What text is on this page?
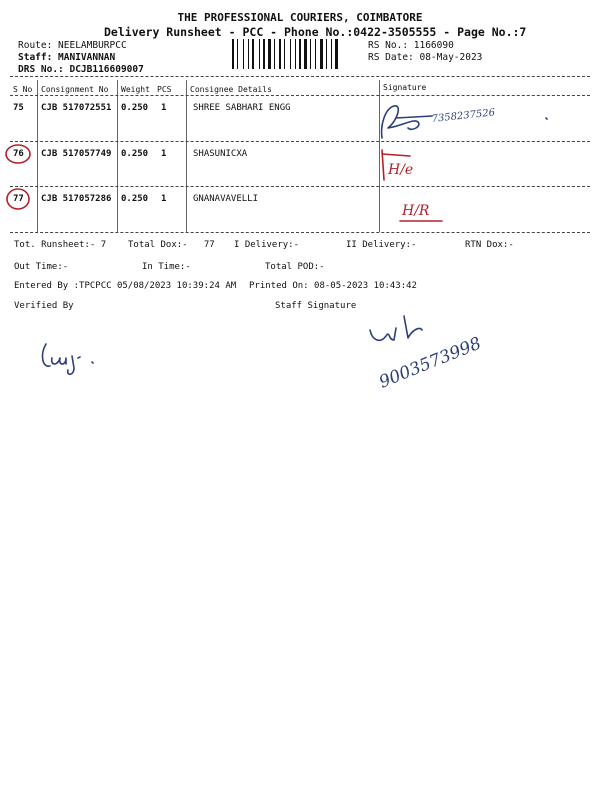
THE PROFESSIONAL COURIERS, COIMBATORE
Delivery Runsheet - PCC - Phone No.:0422-3505555 - Page No.:7
Route: NEELAMBURPCC
Staff: MANIVANNAN
DRS No.: DCJB116609007
RS No.: 1166090
RS Date: 08-May-2023
S No Consignment No Weight PCS Consignee Details	Signature
75 CJB 517072551 0.250 1	SHREE SABHARI ENGG
76 CJB 517057749 0.250 1	SHASUNICXA
77 CJB 517057286 0.250 1	GNANAVAVELLI
Tot. Runsheet:- 7 Total Dox:-   77 I Delivery:-	II Delivery:-	RTN Dox:-
Out Time:-	In Time:-	Total POD:-
Entered By :TPCPCC 05/08/2023 10:39:24 AM Printed On: 08-05-2023 10:43:42
Verified By	Staff Signature
7358237526
H/e
H/R
9003573998
